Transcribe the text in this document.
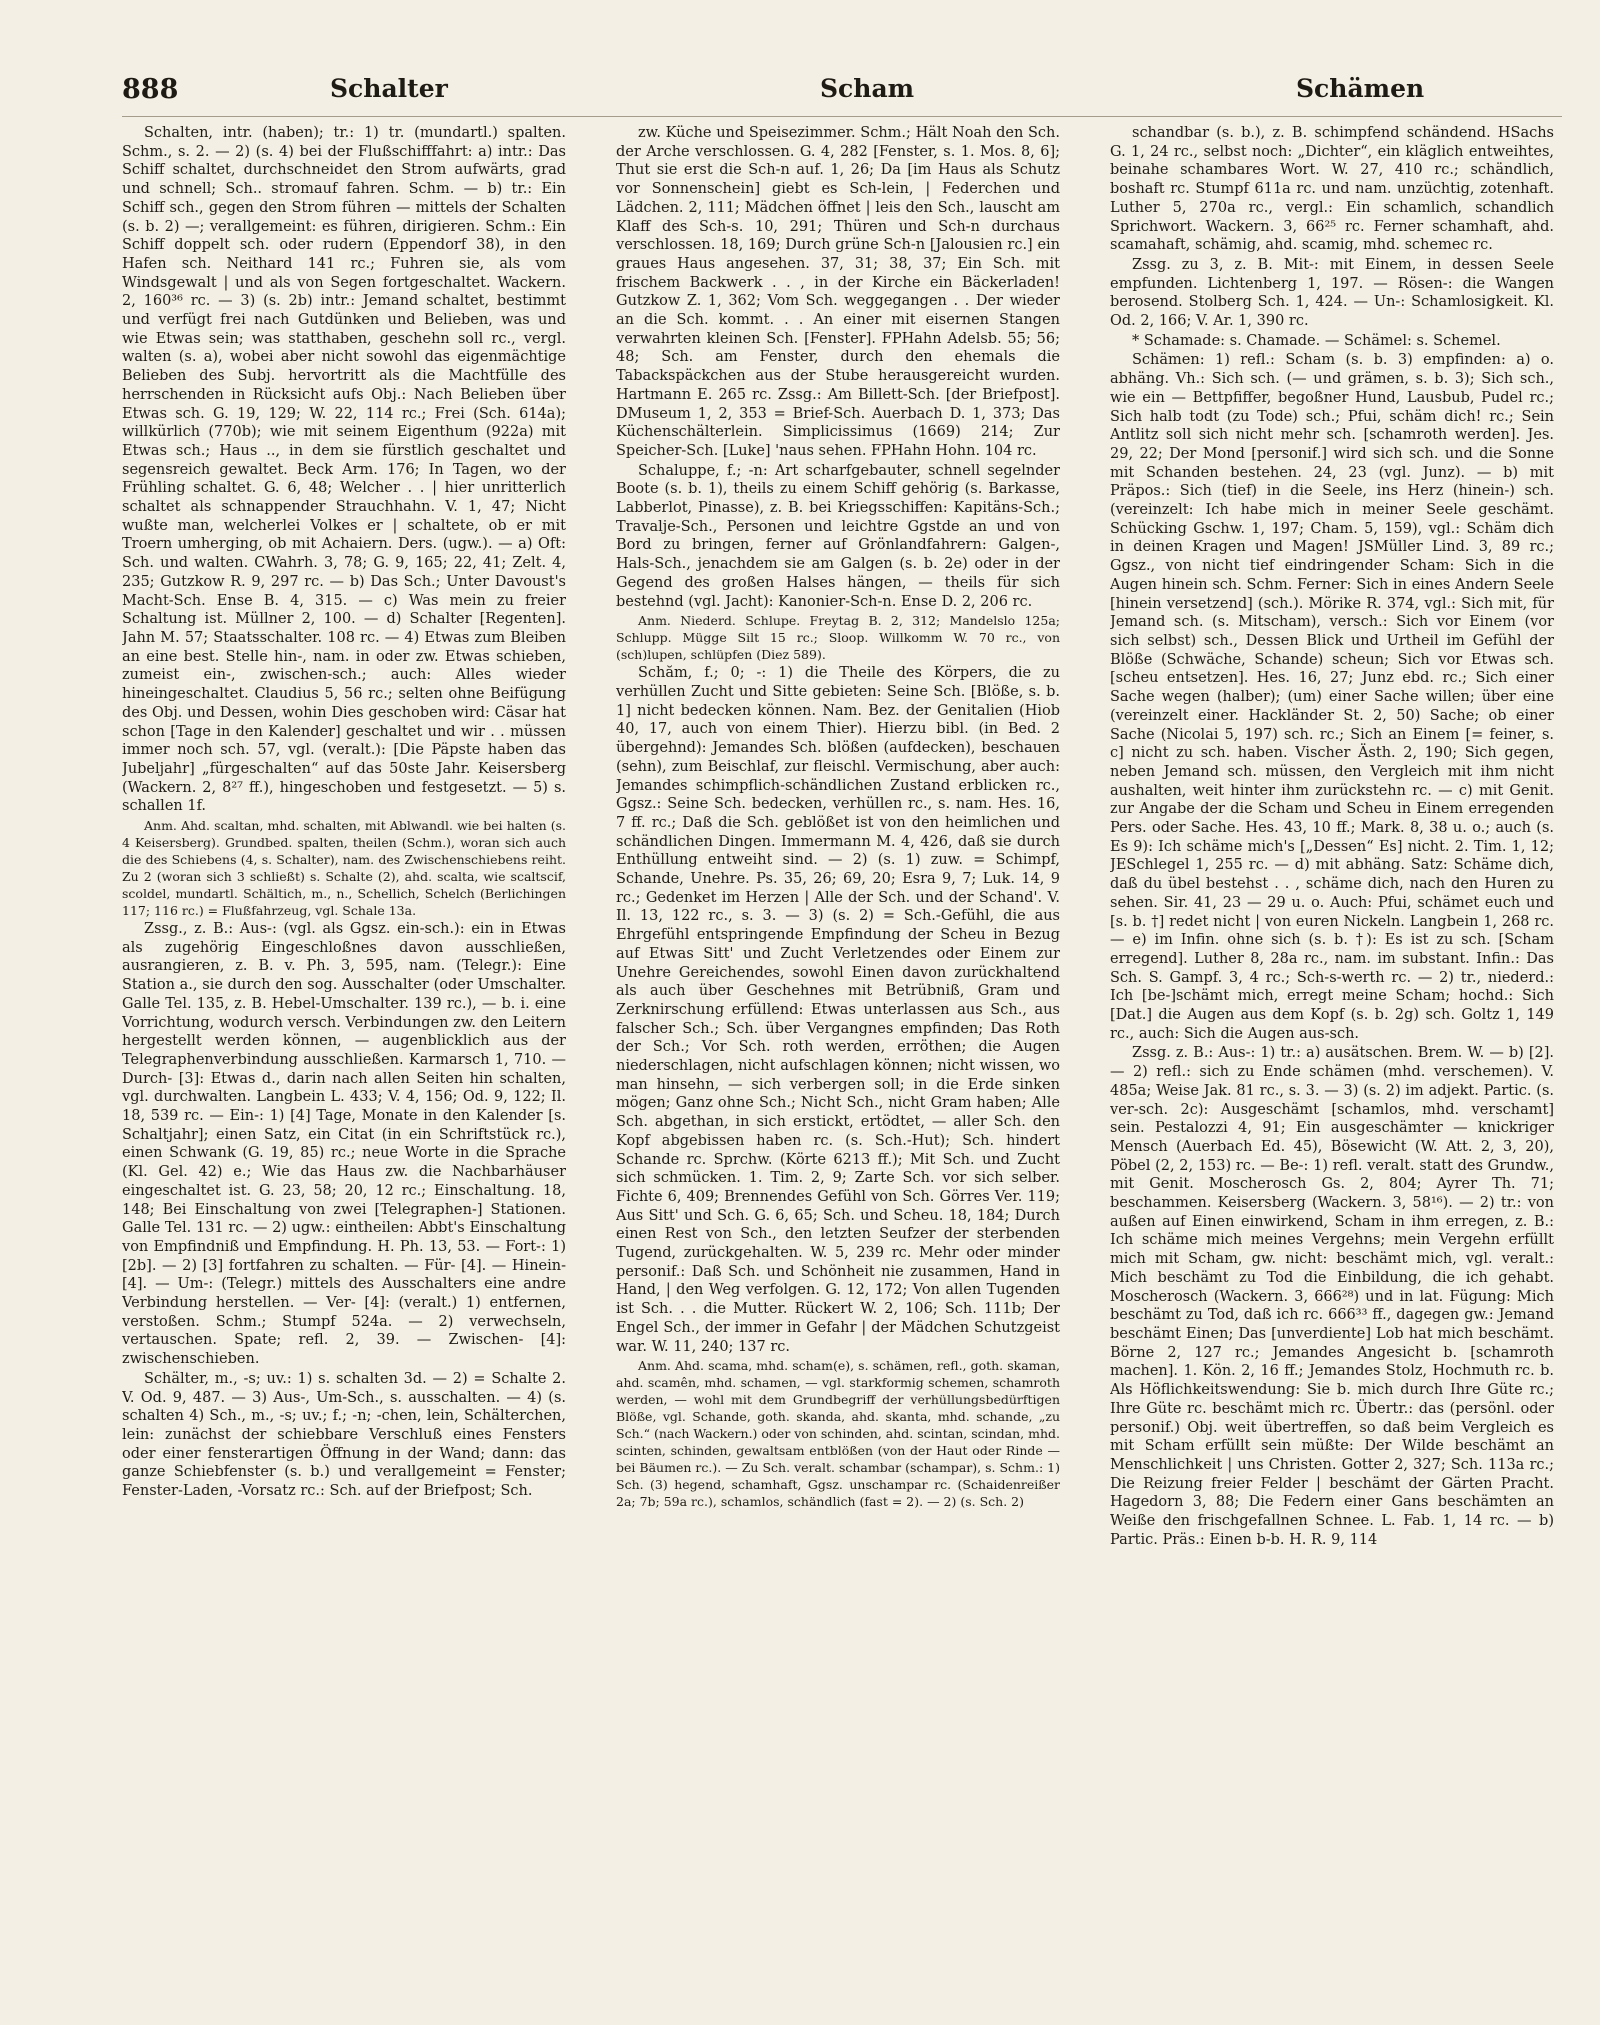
888	Schalter	Scham	Schämen

Schalten, intr. (haben); tr.: 1) tr. (mundartl.) spalten. Schm., s. 2. — 2) (s. 4) bei der Flußschifffahrt: a) intr.: Das Schiff schaltet, durchschneidet den Strom aufwärts, grad und schnell; Sch.. stromauf fahren. Schm. — b) tr.: Ein Schiff sch., gegen den Strom führen — mittels der Schalten (s. b. 2) —; verallgemeint: es führen, dirigieren. Schm.: Ein Schiff doppelt sch. oder rudern (Eppendorf 38), in den Hafen sch. Neithard 141 rc.; Fuhren sie, als vom Windsgewalt | und als von Segen fortgeschaltet. Wackern. 2, 160³⁶ rc. — 3) (s. 2b) intr.: Jemand schaltet, bestimmt und verfügt frei nach Gutdünken und Belieben, was und wie Etwas sein; was statthaben, geschehn soll rc., vergl. walten (s. a), wobei aber nicht sowohl das eigenmächtige Belieben des Subj. hervortritt als die Machtfülle des herrschenden in Rücksicht aufs Obj.: Nach Belieben über Etwas sch. G. 19, 129; W. 22, 114 rc.; Frei (Sch. 614a); willkürlich (770b); wie mit seinem Eigenthum (922a) mit Etwas sch.; Haus .., in dem sie fürstlich geschaltet und segensreich gewaltet. Beck Arm. 176; In Tagen, wo der Frühling schaltet. G. 6, 48; Welcher . . | hier unritterlich schaltet als schnappender Strauchhahn. V. 1, 47; Nicht wußte man, welcherlei Volkes er | schaltete, ob er mit Troern umherging, ob mit Achaiern. Ders. (ugw.). — a) Oft: Sch. und walten. CWahrh. 3, 78; G. 9, 165; 22, 41; Zelt. 4, 235; Gutzkow R. 9, 297 rc. — b) Das Sch.; Unter Davoust's Macht-Sch. Ense B. 4, 315. — c) Was mein zu freier Schaltung ist. Müllner 2, 100. — d) Schalter [Regenten]. Jahn M. 57; Staatsschalter. 108 rc. — 4) Etwas zum Bleiben an eine best. Stelle hin-, nam. in oder zw. Etwas schieben, zumeist ein-, zwischen-sch.; auch: Alles wieder hineingeschaltet. Claudius 5, 56 rc.; selten ohne Beifügung des Obj. und Dessen, wohin Dies geschoben wird: Cäsar hat schon [Tage in den Kalender] geschaltet und wir . . müssen immer noch sch. 57, vgl. (veralt.): [Die Päpste haben das Jubeljahr] „fürgeschalten“ auf das 50ste Jahr. Keisersberg (Wackern. 2, 8²⁷ ff.), hingeschoben und festgesetzt. — 5) s. schallen 1f.

Anm. Ahd. scaltan, mhd. schalten, mit Ablwandl. wie bei halten (s. 4 Keisersberg). Grundbed. spalten, theilen (Schm.), woran sich auch die des Schiebens (4, s. Schalter), nam. des Zwischenschiebens reiht. Zu 2 (woran sich 3 schließt) s. Schalte (2), ahd. scalta, wie scaltscif, scoldel, mundartl. Schältich, m., n., Schellich, Schelch (Berlichingen 117; 116 rc.) = Flußfahrzeug, vgl. Schale 13a.

Zssg., z. B.: Aus-: (vgl. als Ggsz. ein-sch.): ein in Etwas als zugehörig Eingeschloßnes davon ausschließen, ausrangieren, z. B. v. Ph. 3, 595, nam. (Telegr.): Eine Station a., sie durch den sog. Ausschalter (oder Umschalter. Galle Tel. 135, z. B. Hebel-Umschalter. 139 rc.), — b. i. eine Vorrichtung, wodurch versch. Verbindungen zw. den Leitern hergestellt werden können, — augenblicklich aus der Telegraphenverbindung ausschließen. Karmarsch 1, 710. — Durch- [3]: Etwas d., darin nach allen Seiten hin schalten, vgl. durchwalten. Langbein L. 433; V. 4, 156; Od. 9, 122; Il. 18, 539 rc. — Ein-: 1) [4] Tage, Monate in den Kalender [s. Schaltjahr]; einen Satz, ein Citat (in ein Schriftstück rc.), einen Schwank (G. 19, 85) rc.; neue Worte in die Sprache (Kl. Gel. 42) e.; Wie das Haus zw. die Nachbarhäuser eingeschaltet ist. G. 23, 58; 20, 12 rc.; Einschaltung. 18, 148; Bei Einschaltung von zwei [Telegraphen-] Stationen. Galle Tel. 131 rc. — 2) ugw.: eintheilen: Abbt's Einschaltung von Empfindniß und Empfindung. H. Ph. 13, 53. — Fort-: 1) [2b]. — 2) [3] fortfahren zu schalten. — Für- [4]. — Hinein- [4]. — Um-: (Telegr.) mittels des Ausschalters eine andre Verbindung herstellen. — Ver- [4]: (veralt.) 1) entfernen, verstoßen. Schm.; Stumpf 524a. — 2) verwechseln, vertauschen. Spate; refl. 2, 39. — Zwischen- [4]: zwischenschieben.

Schälter, m., -s; uv.: 1) s. schalten 3d. — 2) = Schalte 2. V. Od. 9, 487. — 3) Aus-, Um-Sch., s. ausschalten. — 4) (s. schalten 4) Sch., m., -s; uv.; f.; -n; -chen, lein, Schälterchen, lein: zunächst der schiebbare Verschluß eines Fensters oder einer fensterartigen Öffnung in der Wand; dann: das ganze Schiebfenster (s. b.) und verallgemeint = Fenster; Fenster-Laden, -Vorsatz rc.: Sch. auf der Briefpost; Sch.

zw. Küche und Speisezimmer. Schm.; Hält Noah den Sch. der Arche verschlossen. G. 4, 282 [Fenster, s. 1. Mos. 8, 6]; Thut sie erst die Sch-n auf. 1, 26; Da [im Haus als Schutz vor Sonnenschein] giebt es Sch-lein, | Federchen und Lädchen. 2, 111; Mädchen öffnet | leis den Sch., lauscht am Klaff des Sch-s. 10, 291; Thüren und Sch-n durchaus verschlossen. 18, 169; Durch grüne Sch-n [Jalousien rc.] ein graues Haus angesehen. 37, 31; 38, 37; Ein Sch. mit frischem Backwerk . . , in der Kirche ein Bäckerladen! Gutzkow Z. 1, 362; Vom Sch. weggegangen . . Der wieder an die Sch. kommt. . . An einer mit eisernen Stangen verwahrten kleinen Sch. [Fenster]. FPHahn Adelsb. 55; 56; 48; Sch. am Fenster, durch den ehemals die Tabackspäckchen aus der Stube herausgereicht wurden. Hartmann E. 265 rc. Zssg.: Am Billett-Sch. [der Briefpost]. DMuseum 1, 2, 353 = Brief-Sch. Auerbach D. 1, 373; Das Küchenschälterlein. Simplicissimus (1669) 214; Zur Speicher-Sch. [Luke] 'naus sehen. FPHahn Hohn. 104 rc.

Schaluppe, f.; -n: Art scharfgebauter, schnell segelnder Boote (s. b. 1), theils zu einem Schiff gehörig (s. Barkasse, Labberlot, Pinasse), z. B. bei Kriegsschiffen: Kapitäns-Sch.; Travalje-Sch., Personen und leichtre Ggstde an und von Bord zu bringen, ferner auf Grönlandfahrern: Galgen-, Hals-Sch., jenachdem sie am Galgen (s. b. 2e) oder in der Gegend des großen Halses hängen, — theils für sich bestehnd (vgl. Jacht): Kanonier-Sch-n. Ense D. 2, 206 rc.

Anm. Niederd. Schlupe. Freytag B. 2, 312; Mandelslo 125a; Schlupp. Mügge Silt 15 rc.; Sloop. Willkomm W. 70 rc., von (sch)lupen, schlüpfen (Diez 589).

Schăm, f.; 0; -: 1) die Theile des Körpers, die zu verhüllen Zucht und Sitte gebieten: Seine Sch. [Blöße, s. b. 1] nicht bedecken können. Nam. Bez. der Genitalien (Hiob 40, 17, auch von einem Thier). Hierzu bibl. (in Bed. 2 übergehnd): Jemandes Sch. blößen (aufdecken), beschauen (sehn), zum Beischlaf, zur fleischl. Vermischung, aber auch: Jemandes schimpflich-schändlichen Zustand erblicken rc., Ggsz.: Seine Sch. bedecken, verhüllen rc., s. nam. Hes. 16, 7 ff. rc.; Daß die Sch. geblößet ist von den heimlichen und schändlichen Dingen. Immermann M. 4, 426, daß sie durch Enthüllung entweiht sind. — 2) (s. 1) zuw. = Schimpf, Schande, Unehre. Ps. 35, 26; 69, 20; Esra 9, 7; Luk. 14, 9 rc.; Gedenket im Herzen | Alle der Sch. und der Schand'. V. Il. 13, 122 rc., s. 3. — 3) (s. 2) = Sch.-Gefühl, die aus Ehrgefühl entspringende Empfindung der Scheu in Bezug auf Etwas Sitt' und Zucht Verletzendes oder Einem zur Unehre Gereichendes, sowohl Einen davon zurückhaltend als auch über Geschehnes mit Betrübniß, Gram und Zerknirschung erfüllend: Etwas unterlassen aus Sch., aus falscher Sch.; Sch. über Vergangnes empfinden; Das Roth der Sch.; Vor Sch. roth werden, erröthen; die Augen niederschlagen, nicht aufschlagen können; nicht wissen, wo man hinsehn, — sich verbergen soll; in die Erde sinken mögen; Ganz ohne Sch.; Nicht Sch., nicht Gram haben; Alle Sch. abgethan, in sich erstickt, ertödtet, — aller Sch. den Kopf abgebissen haben rc. (s. Sch.-Hut); Sch. hindert Schande rc. Sprchw. (Körte 6213 ff.); Mit Sch. und Zucht sich schmücken. 1. Tim. 2, 9; Zarte Sch. vor sich selber. Fichte 6, 409; Brennendes Gefühl von Sch. Görres Ver. 119; Aus Sitt' und Sch. G. 6, 65; Sch. und Scheu. 18, 184; Durch einen Rest von Sch., den letzten Seufzer der sterbenden Tugend, zurückgehalten. W. 5, 239 rc. Mehr oder minder personif.: Daß Sch. und Schönheit nie zusammen, Hand in Hand, | den Weg verfolgen. G. 12, 172; Von allen Tugenden ist Sch. . . die Mutter. Rückert W. 2, 106; Sch. 111b; Der Engel Sch., der immer in Gefahr | der Mädchen Schutzgeist war. W. 11, 240; 137 rc.

Anm. Ahd. scama, mhd. scham(e), s. schämen, refl., goth. skaman, ahd. scamên, mhd. schamen, — vgl. starkformig schemen, schamroth werden, — wohl mit dem Grundbegriff der verhüllungsbedürftigen Blöße, vgl. Schande, goth. skanda, ahd. skanta, mhd. schande, „zu Sch.“ (nach Wackern.) oder von schinden, ahd. scintan, scindan, mhd. scinten, schinden, gewaltsam entblößen (von der Haut oder Rinde — bei Bäumen rc.). — Zu Sch. veralt. schambar (schampar), s. Schm.: 1) Sch. (3) hegend, schamhaft, Ggsz. unschampar rc. (Schaidenreißer 2a; 7b; 59a rc.), schamlos, schändlich (fast = 2). — 2) (s. Sch. 2)

schandbar (s. b.), z. B. schimpfend schändend. HSachs G. 1, 24 rc., selbst noch: „Dichter“, ein kläglich entweihtes, beinahe schambares Wort. W. 27, 410 rc.; schändlich, boshaft rc. Stumpf 611a rc. und nam. unzüchtig, zotenhaft. Luther 5, 270a rc., vergl.: Ein schamlich, schandlich Sprichwort. Wackern. 3, 66²⁵ rc. Ferner schamhaft, ahd. scamahaft, schämig, ahd. scamig, mhd. schemec rc.

Zssg. zu 3, z. B. Mit-: mit Einem, in dessen Seele empfunden. Lichtenberg 1, 197. — Rösen-: die Wangen berosend. Stolberg Sch. 1, 424. — Un-: Schamlosigkeit. Kl. Od. 2, 166; V. Ar. 1, 390 rc.

* Schamade: s. Chamade. — Schämel: s. Schemel.

Schämen: 1) refl.: Scham (s. b. 3) empfinden: a) o. abhäng. Vh.: Sich sch. (— und grämen, s. b. 3); Sich sch., wie ein — Bettpfiffer, begoßner Hund, Lausbub, Pudel rc.; Sich halb todt (zu Tode) sch.; Pfui, schäm dich! rc.; Sein Antlitz soll sich nicht mehr sch. [schamroth werden]. Jes. 29, 22; Der Mond [personif.] wird sich sch. und die Sonne mit Schanden bestehen. 24, 23 (vgl. Junz). — b) mit Präpos.: Sich (tief) in die Seele, ins Herz (hinein-) sch. (vereinzelt: Ich habe mich in meiner Seele geschämt. Schücking Gschw. 1, 197; Cham. 5, 159), vgl.: Schäm dich in deinen Kragen und Magen! JSMüller Lind. 3, 89 rc.; Ggsz., von nicht tief eindringender Scham: Sich in die Augen hinein sch. Schm. Ferner: Sich in eines Andern Seele [hinein versetzend] (sch.). Mörike R. 374, vgl.: Sich mit, für Jemand sch. (s. Mitscham), versch.: Sich vor Einem (vor sich selbst) sch., Dessen Blick und Urtheil im Gefühl der Blöße (Schwäche, Schande) scheun; Sich vor Etwas sch. [scheu entsetzen]. Hes. 16, 27; Junz ebd. rc.; Sich einer Sache wegen (halber); (um) einer Sache willen; über eine (vereinzelt einer. Hackländer St. 2, 50) Sache; ob einer Sache (Nicolai 5, 197) sch. rc.; Sich an Einem [= feiner, s. c] nicht zu sch. haben. Vischer Ästh. 2, 190; Sich gegen, neben Jemand sch. müssen, den Vergleich mit ihm nicht aushalten, weit hinter ihm zurückstehn rc. — c) mit Genit. zur Angabe der die Scham und Scheu in Einem erregenden Pers. oder Sache. Hes. 43, 10 ff.; Mark. 8, 38 u. o.; auch (s. Es 9): Ich schäme mich's [„Dessen“ Es] nicht. 2. Tim. 1, 12; JESchlegel 1, 255 rc. — d) mit abhäng. Satz: Schäme dich, daß du übel bestehst . . , schäme dich, nach den Huren zu sehen. Sir. 41, 23 — 29 u. o. Auch: Pfui, schämet euch und [s. b. †] redet nicht | von euren Nickeln. Langbein 1, 268 rc. — e) im Infin. ohne sich (s. b. †): Es ist zu sch. [Scham erregend]. Luther 8, 28a rc., nam. im substant. Infin.: Das Sch. S. Gampf. 3, 4 rc.; Sch-s-werth rc. — 2) tr., niederd.: Ich [be-]schämt mich, erregt meine Scham; hochd.: Sich [Dat.] die Augen aus dem Kopf (s. b. 2g) sch. Goltz 1, 149 rc., auch: Sich die Augen aus-sch.

Zssg. z. B.: Aus-: 1) tr.: a) ausätschen. Brem. W. — b) [2]. — 2) refl.: sich zu Ende schämen (mhd. verschemen). V. 485a; Weise Jak. 81 rc., s. 3. — 3) (s. 2) im adjekt. Partic. (s. ver-sch. 2c): Ausgeschämt [schamlos, mhd. verschamt] sein. Pestalozzi 4, 91; Ein ausgeschämter — knickriger Mensch (Auerbach Ed. 45), Bösewicht (W. Att. 2, 3, 20), Pöbel (2, 2, 153) rc. — Be-: 1) refl. veralt. statt des Grundw., mit Genit. Moscherosch Gs. 2, 804; Ayrer Th. 71; beschammen. Keisersberg (Wackern. 3, 58¹⁶). — 2) tr.: von außen auf Einen einwirkend, Scham in ihm erregen, z. B.: Ich schäme mich meines Vergehns; mein Vergehn erfüllt mich mit Scham, gw. nicht: beschämt mich, vgl. veralt.: Mich beschämt zu Tod die Einbildung, die ich gehabt. Moscherosch (Wackern. 3, 666²⁸) und in lat. Fügung: Mich beschämt zu Tod, daß ich rc. 666³³ ff., dagegen gw.: Jemand beschämt Einen; Das [unverdiente] Lob hat mich beschämt. Börne 2, 127 rc.; Jemandes Angesicht b. [schamroth machen]. 1. Kön. 2, 16 ff.; Jemandes Stolz, Hochmuth rc. b. Als Höflichkeitswendung: Sie b. mich durch Ihre Güte rc.; Ihre Güte rc. beschämt mich rc. Übertr.: das (persönl. oder personif.) Obj. weit übertreffen, so daß beim Vergleich es mit Scham erfüllt sein müßte: Der Wilde beschämt an Menschlichkeit | uns Christen. Gotter 2, 327; Sch. 113a rc.; Die Reizung freier Felder | beschämt der Gärten Pracht. Hagedorn 3, 88; Die Federn einer Gans beschämten an Weiße den frischgefallnen Schnee. L. Fab. 1, 14 rc. — b) Partic. Präs.: Einen b-b. H. R. 9, 114
